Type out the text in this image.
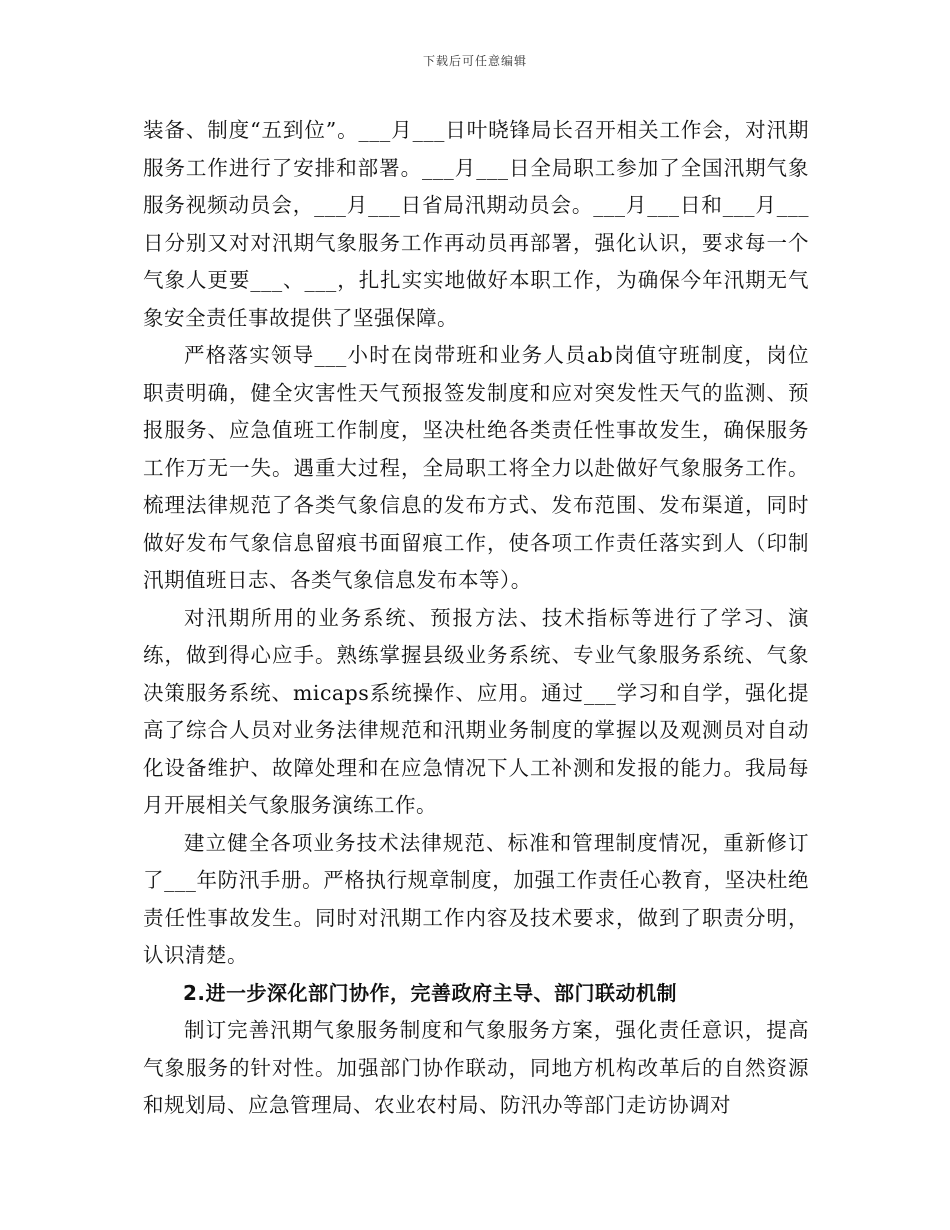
下载后可任意编辑

装备、制度“五到位”。___月___日叶晓锋局长召开相关工作会，对汛期服务工作进行了安排和部署。___月___日全局职工参加了全国汛期气象服务视频动员会，___月___日省局汛期动员会。___月___日和___月___日分别又对对汛期气象服务工作再动员再部署，强化认识，要求每一个气象人更要___、___，扎扎实实地做好本职工作，为确保今年汛期无气象安全责任事故提供了坚强保障。

严格落实领导___小时在岗带班和业务人员ab岗值守班制度，岗位职责明确，健全灾害性天气预报签发制度和应对突发性天气的监测、预报服务、应急值班工作制度，坚决杜绝各类责任性事故发生，确保服务工作万无一失。遇重大过程，全局职工将全力以赴做好气象服务工作。梳理法律规范了各类气象信息的发布方式、发布范围、发布渠道，同时做好发布气象信息留痕书面留痕工作，使各项工作责任落实到人（印制汛期值班日志、各类气象信息发布本等）。

对汛期所用的业务系统、预报方法、技术指标等进行了学习、演练，做到得心应手。熟练掌握县级业务系统、专业气象服务系统、气象决策服务系统、micaps系统操作、应用。通过___学习和自学，强化提高了综合人员对业务法律规范和汛期业务制度的掌握以及观测员对自动化设备维护、故障处理和在应急情况下人工补测和发报的能力。我局每月开展相关气象服务演练工作。

建立健全各项业务技术法律规范、标准和管理制度情况，重新修订了___年防汛手册。严格执行规章制度，加强工作责任心教育，坚决杜绝责任性事故发生。同时对汛期工作内容及技术要求，做到了职责分明，认识清楚。

2.进一步深化部门协作，完善政府主导、部门联动机制

制订完善汛期气象服务制度和气象服务方案，强化责任意识，提高气象服务的针对性。加强部门协作联动，同地方机构改革后的自然资源和规划局、应急管理局、农业农村局、防汛办等部门走访协调对
